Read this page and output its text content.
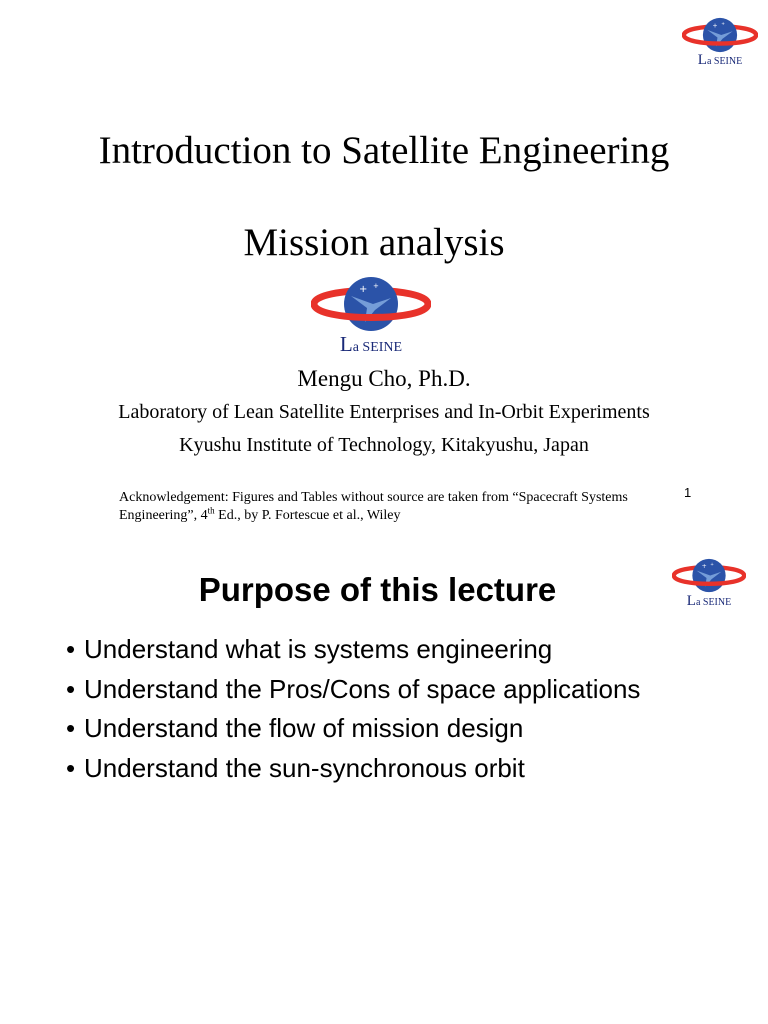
+ +
La SEINE
Introduction to Satellite Engineering
Mission analysis
+ +
La SEINE
Mengu Cho, Ph.D.
Laboratory of Lean Satellite Enterprises and In-Orbit Experiments
Kyushu Institute of Technology, Kitakyushu, Japan
Acknowledgement: Figures and Tables without source are taken from “Spacecraft Systems Engineering”, 4th Ed., by P. Fortescue et al., Wiley
1
+ +
La SEINE
Purpose of this lecture
• Understand what is systems engineering
• Understand the Pros/Cons of space applications
• Understand the flow of mission design
• Understand the sun-synchronous orbit
